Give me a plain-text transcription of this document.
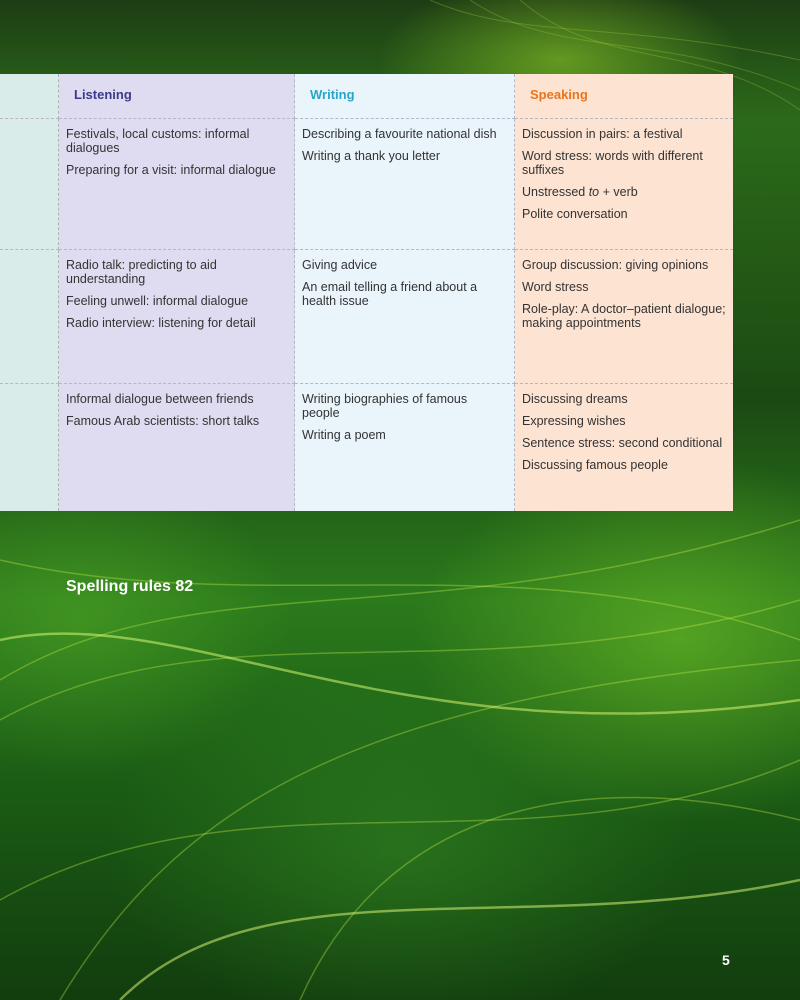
Listening	Writing	Speaking

Festivals, local customs: informal dialogues

Preparing for a visit: informal dialogue

Describing a favourite national dish

Writing a thank you letter

Discussion in pairs: a festival

Word stress: words with different suffixes

Unstressed to + verb

Polite conversation

Radio talk: predicting to aid understanding

Feeling unwell: informal dialogue

Radio interview: listening for detail

Giving advice

An email telling a friend about a health issue

Group discussion: giving opinions

Word stress

Role-play: A doctor–patient dialogue; making appointments

Informal dialogue between friends

Famous Arab scientists: short talks

Writing biographies of famous people

Writing a poem

Discussing dreams

Expressing wishes

Sentence stress: second conditional

Discussing famous people

Spelling rules 82

5
